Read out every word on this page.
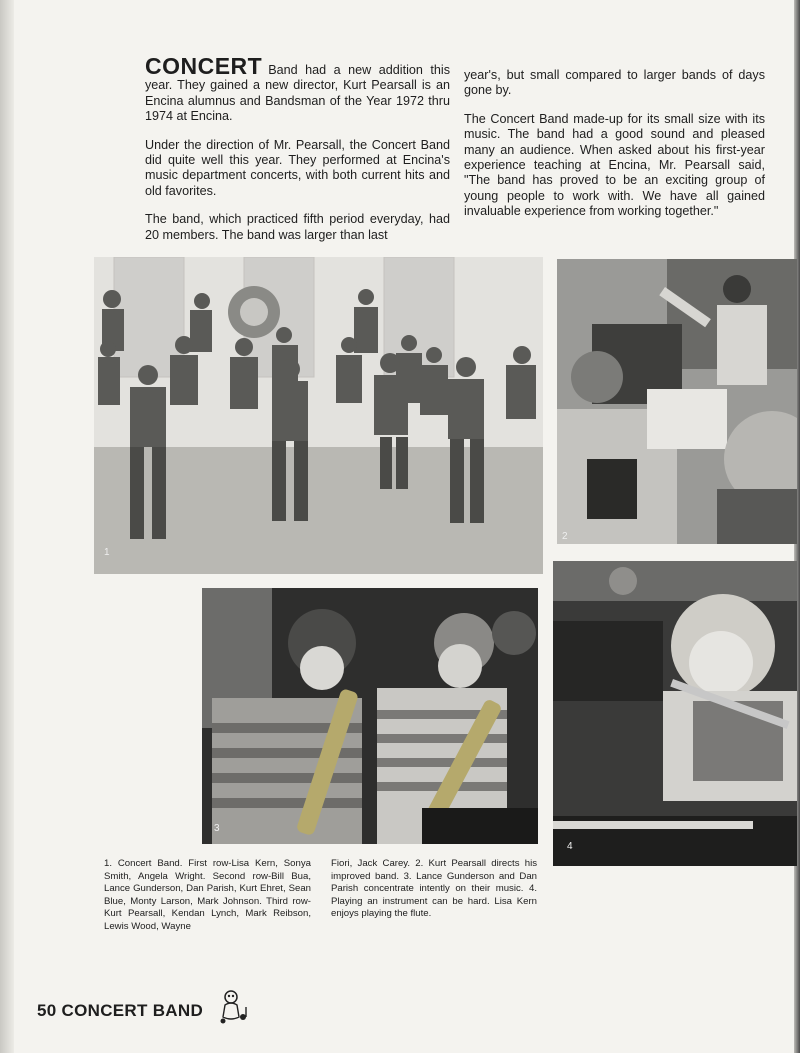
CONCERT Band had a new addition this year. They gained a new director, Kurt Pearsall is an Encina alumnus and Bandsman of the Year 1972 thru 1974 at Encina.

Under the direction of Mr. Pearsall, the Concert Band did quite well this year. They performed at Encina's music department concerts, with both current hits and old favorites.

The band, which practiced fifth period everyday, had 20 members. The band was larger than last

year's, but small compared to larger bands of days gone by.

The Concert Band made-up for its small size with its music. The band had a good sound and pleased many an audience. When asked about his first-year experience teaching at Encina, Mr. Pearsall said, "The band has proved to be an exciting group of young people to work with. We have all gained invaluable experience from working together."

1
2
3
4
1. Concert Band. First row-Lisa Kern, Sonya Smith, Angela Wright. Second row-Bill Bua, Lance Gunderson, Dan Parish, Kurt Ehret, Sean Blue, Monty Larson, Mark Johnson. Third row-Kurt Pearsall, Kendan Lynch, Mark Reibson, Lewis Wood, Wayne
Fiori, Jack Carey. 2. Kurt Pearsall directs his improved band. 3. Lance Gunderson and Dan Parish concentrate intently on their music. 4. Playing an instrument can be hard. Lisa Kern enjoys playing the flute.
50 CONCERT BAND
